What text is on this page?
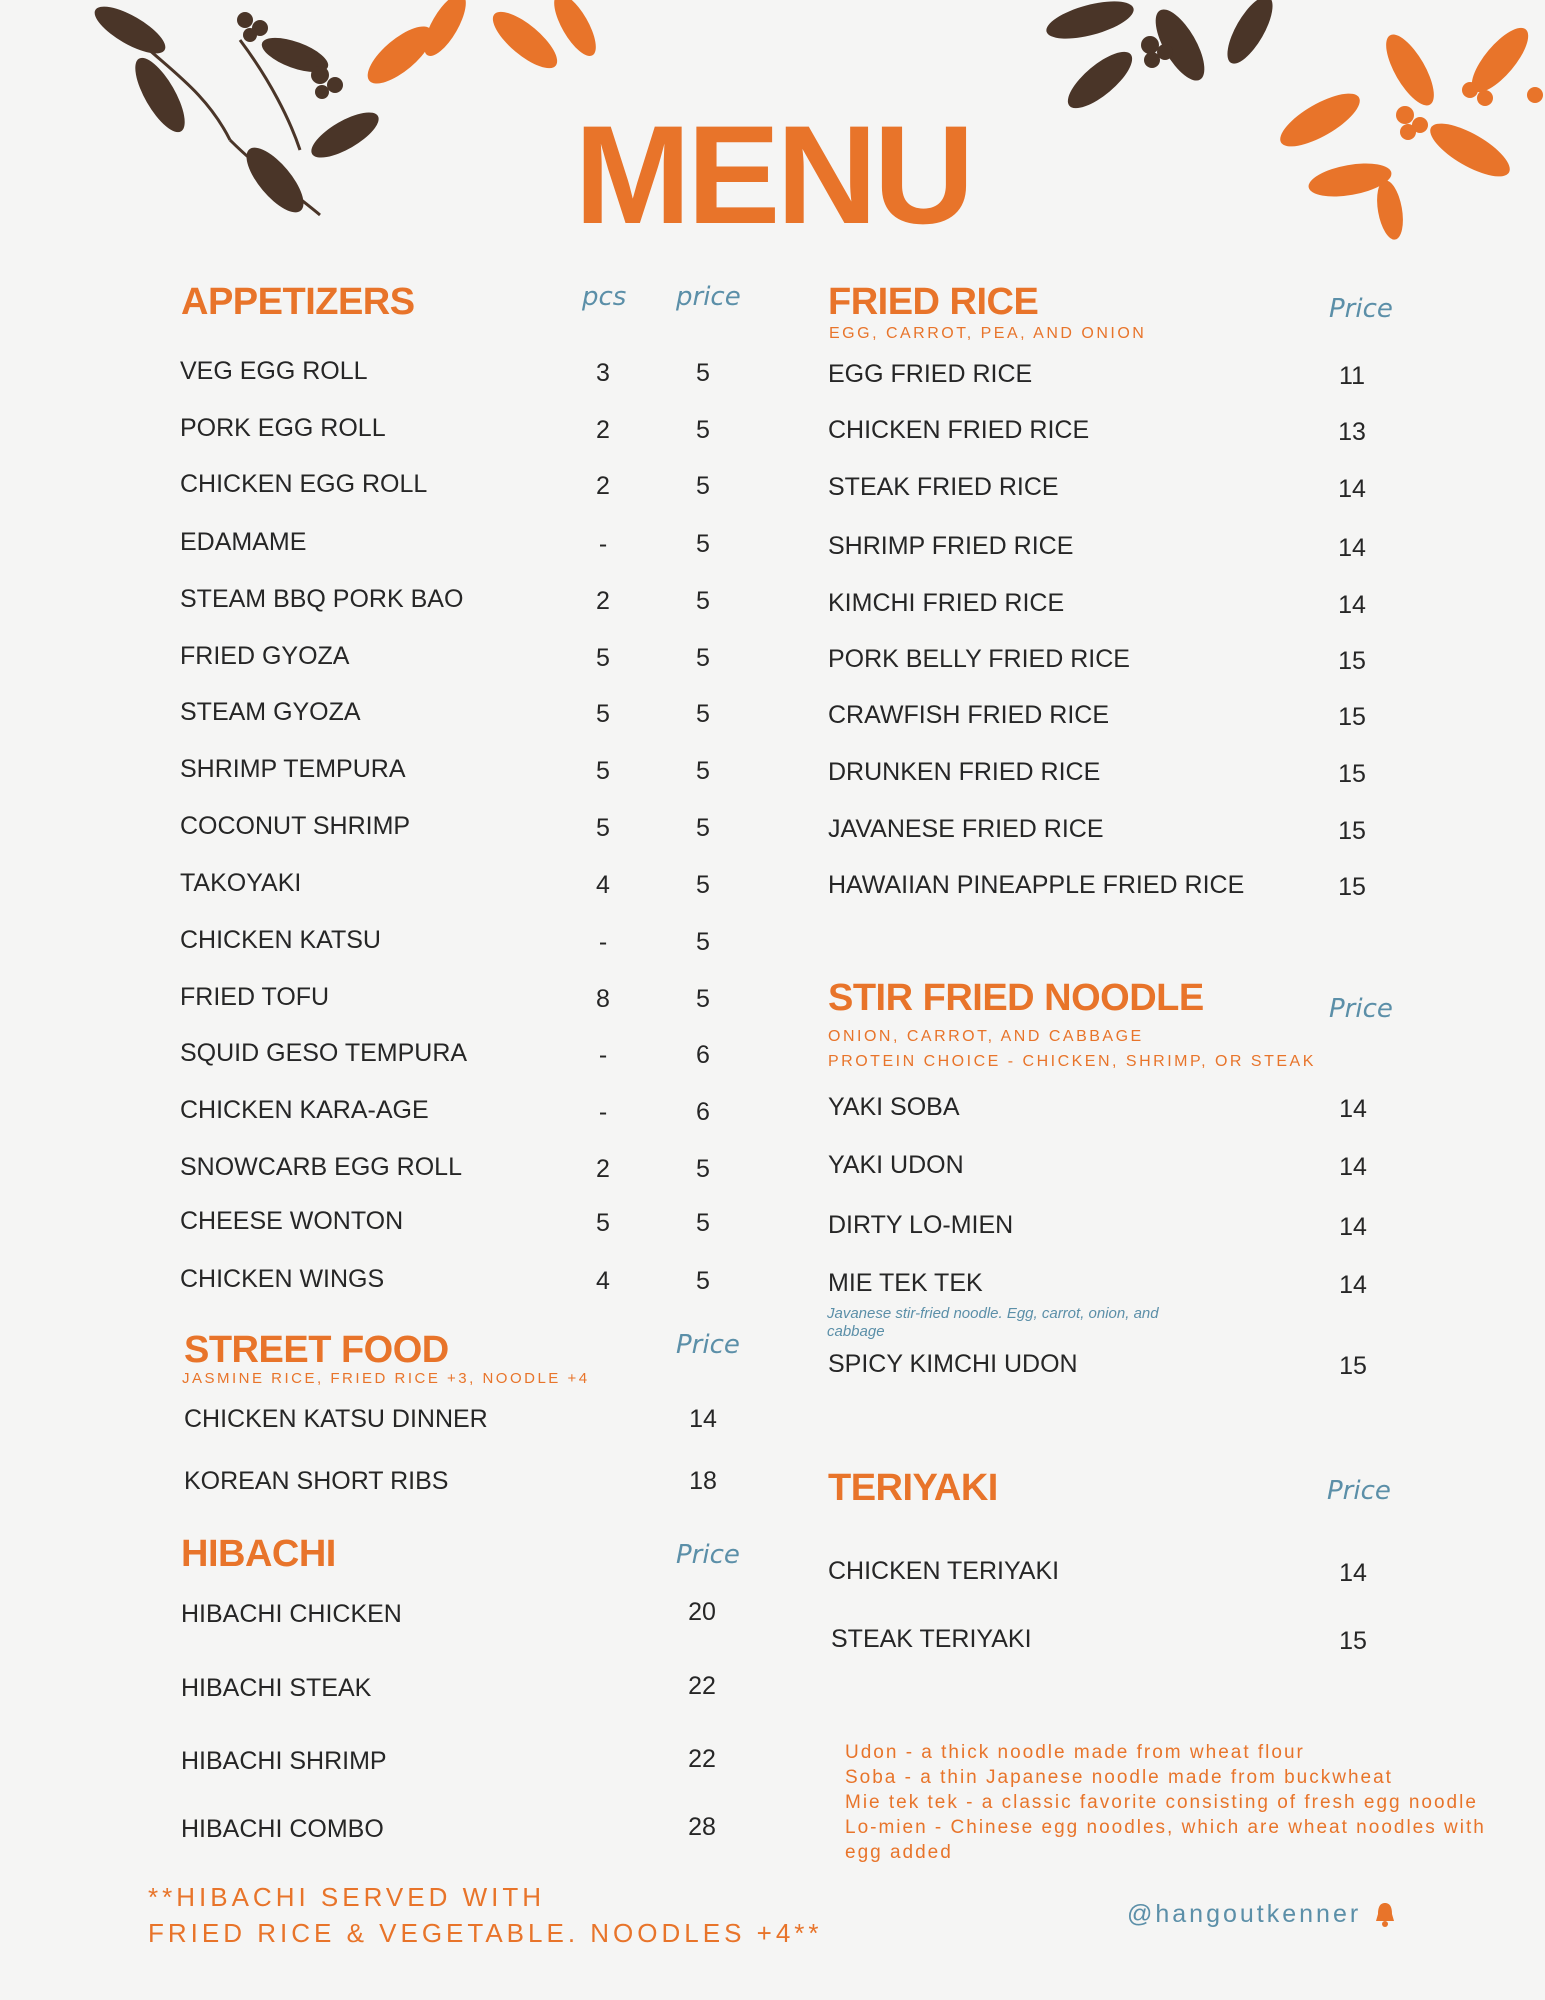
MENU
APPETIZERS	pcs price
VEG EGG ROLL	3	5
PORK EGG ROLL	2	5
CHICKEN EGG ROLL	2	5
EDAMAME	-	5
STEAM BBQ PORK BAO	2	5
FRIED GYOZA	5	5
STEAM GYOZA	5	5
SHRIMP TEMPURA	5	5
COCONUT SHRIMP	5	5
TAKOYAKI	4	5
CHICKEN KATSU	-	5
FRIED TOFU	8	5
SQUID GESO TEMPURA	-	6
CHICKEN KARA-AGE	-	6
SNOWCARB EGG ROLL	2	5
CHEESE WONTON	5	5
CHICKEN WINGS	4	5
STREET FOOD
JASMINE RICE, FRIED RICE +3, NOODLE +4
Price
CHICKEN KATSU DINNER	14
KOREAN SHORT RIBS	18
HIBACHI	Price
HIBACHI CHICKEN	20
HIBACHI STEAK	22
HIBACHI SHRIMP	22
HIBACHI COMBO	28
**HIBACHI SERVED WITH
FRIED RICE & VEGETABLE. NOODLES +4**
FRIED RICE
EGG, CARROT, PEA, AND ONION
Price
EGG FRIED RICE	11
CHICKEN FRIED RICE	13
STEAK FRIED RICE	14
SHRIMP FRIED RICE	14
KIMCHI FRIED RICE	14
PORK BELLY FRIED RICE	15
CRAWFISH FRIED RICE	15
DRUNKEN FRIED RICE	15
JAVANESE FRIED RICE	15
HAWAIIAN PINEAPPLE FRIED RICE	15
STIR FRIED NOODLE
ONION, CARROT, AND CABBAGE
PROTEIN CHOICE - CHICKEN, SHRIMP, OR STEAK
Price
YAKI SOBA	14
YAKI UDON	14
DIRTY LO-MIEN	14
MIE TEK TEK	14
SPICY KIMCHI UDON	15
Javanese stir-fried noodle. Egg, carrot, onion, and cabbage
TERIYAKI	Price
CHICKEN TERIYAKI	14
STEAK TERIYAKI	15
Udon - a thick noodle made from wheat flour
Soba - a thin Japanese noodle made from buckwheat
Mie tek tek - a classic favorite consisting of fresh egg noodle
Lo-mien - Chinese egg noodles, which are wheat noodles with
egg added
@hangoutkenner
